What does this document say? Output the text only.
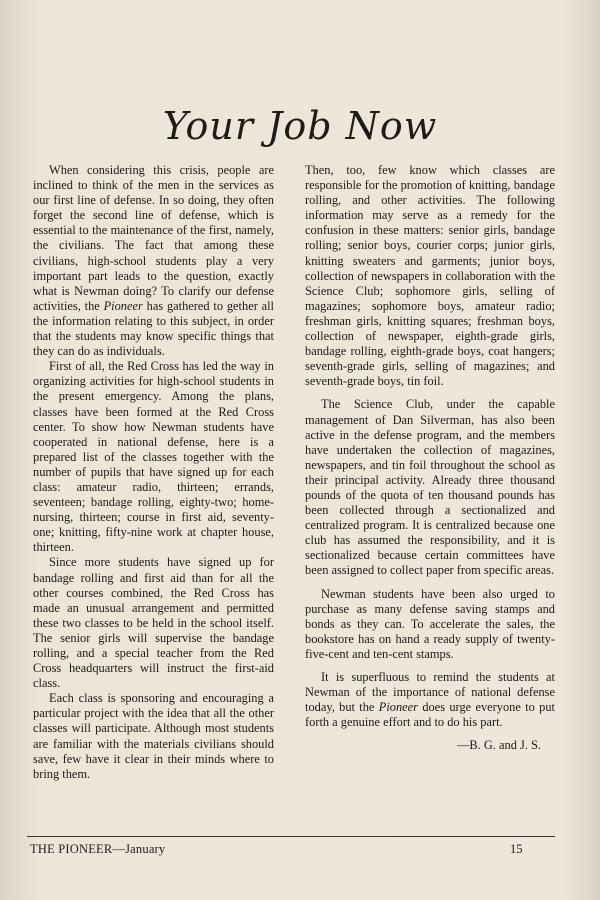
Your Job Now

When considering this crisis, people are inclined to think of the men in the services as our first line of defense. In so doing, they often forget the second line of defense, which is essential to the maintenance of the first, namely, the civilians. The fact that among these civilians, high-school students play a very important part leads to the question, exactly what is Newman doing? To clarify our defense activities, the Pioneer has gathered to gether all the information relating to this subject, in order that the students may know specific things that they can do as individuals.

First of all, the Red Cross has led the way in organizing activities for high-school students in the present emergency. Among the plans, classes have been formed at the Red Cross center. To show how Newman students have cooperated in national defense, here is a prepared list of the classes together with the number of pupils that have signed up for each class: amateur radio, thirteen; errands, seventeen; bandage rolling, eighty-two; home-nursing, thirteen; course in first aid, seventy-one; knitting, fifty-nine work at chapter house, thirteen.

Since more students have signed up for bandage rolling and first aid than for all the other courses combined, the Red Cross has made an unusual arrangement and permitted these two classes to be held in the school itself. The senior girls will supervise the bandage rolling, and a special teacher from the Red Cross headquarters will instruct the first-aid class.

Each class is sponsoring and encouraging a particular project with the idea that all the other classes will participate. Although most students are familiar with the materials civilians should save, few have it clear in their minds where to bring them.

Then, too, few know which classes are responsible for the promotion of knitting, bandage rolling, and other activities. The following information may serve as a remedy for the confusion in these matters: senior girls, bandage rolling; senior boys, courier corps; junior girls, knitting sweaters and garments; junior boys, collection of newspapers in collaboration with the Science Club; sophomore girls, selling of magazines; sophomore boys, amateur radio; freshman girls, knitting squares; freshman boys, collection of newspaper, eighth-grade girls, bandage rolling, eighth-grade boys, coat hangers; seventh-grade girls, selling of magazines; and seventh-grade boys, tin foil.

The Science Club, under the capable management of Dan Silverman, has also been active in the defense program, and the members have undertaken the collection of magazines, newspapers, and tin foil throughout the school as their principal activity. Already three thousand pounds of the quota of ten thousand pounds has been collected through a sectionalized and centralized program. It is centralized because one club has assumed the responsibility, and it is sectionalized because certain committees have been assigned to collect paper from specific areas.

Newman students have been also urged to purchase as many defense saving stamps and bonds as they can. To accelerate the sales, the bookstore has on hand a ready supply of twenty-five-cent and ten-cent stamps.

It is superfluous to remind the students at Newman of the importance of national defense today, but the Pioneer does urge everyone to put forth a genuine effort and to do his part.

—B. G. and J. S.
THE PIONEER—January	15
